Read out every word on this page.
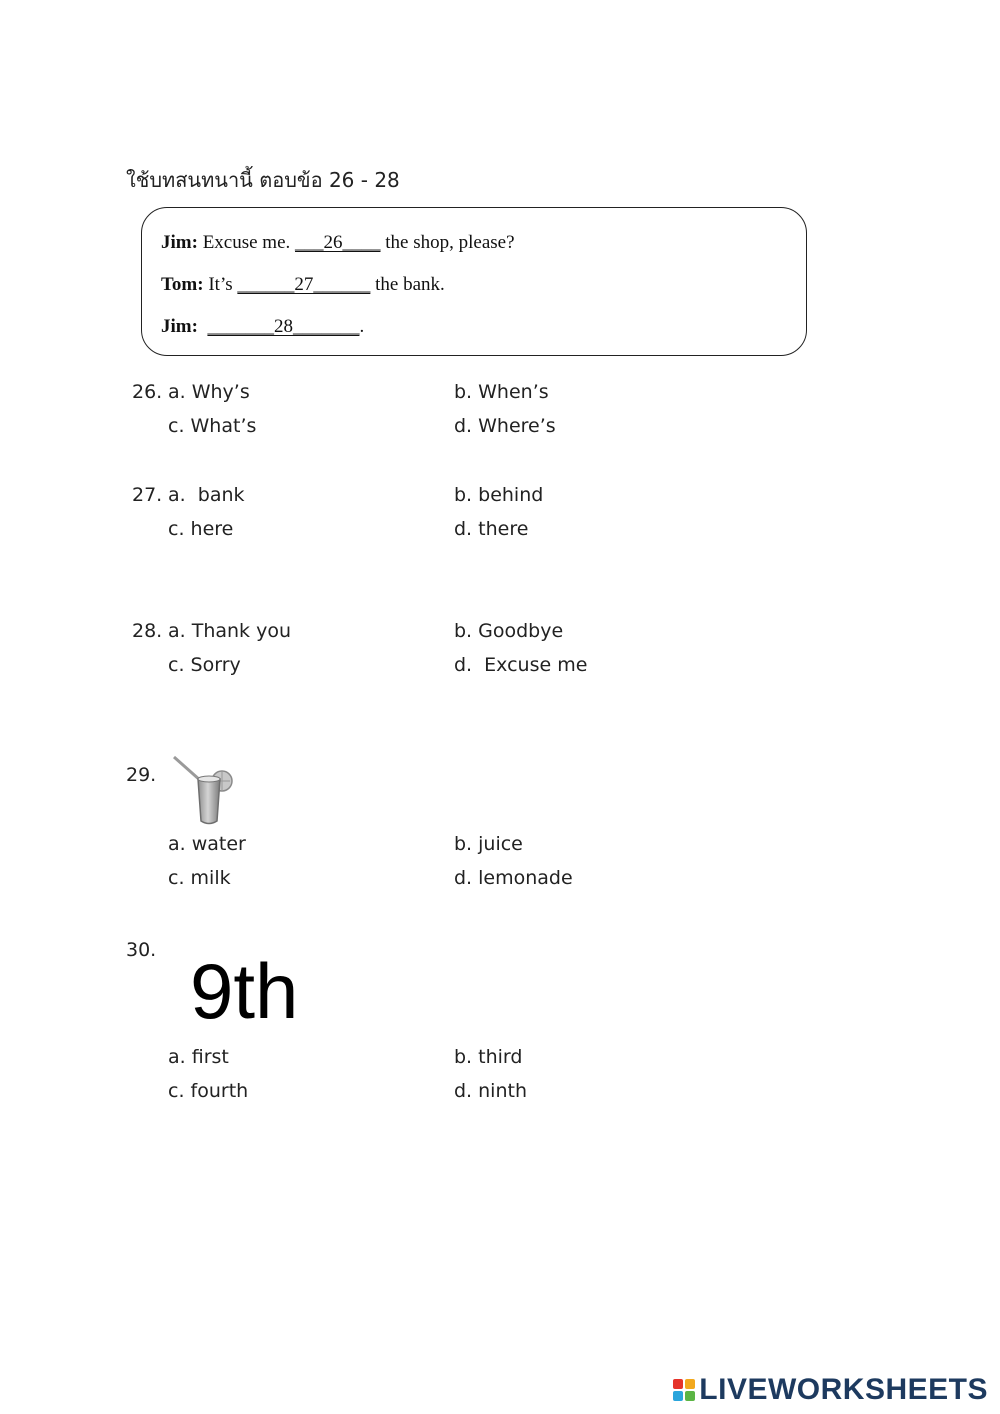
ใช้บทสนทนานี้ ตอบข้อ 26 - 28
Jim: Excuse me. ___26____ the shop, please?
Tom: It’s ______27______ the bank.
Jim: _______28_______.
26. a. Why’s	b. When’s
c. What’s	d. Where’s
27. a.  bank	b. behind
c. here	d. there
28. a. Thank you	b. Goodbye
c. Sorry	d.  Excuse me
29.
a. water	b. juice
c. milk	d. lemonade
30. 9th
a. first	b. third
c. fourth	d. ninth
LIVEWORKSHEETS
